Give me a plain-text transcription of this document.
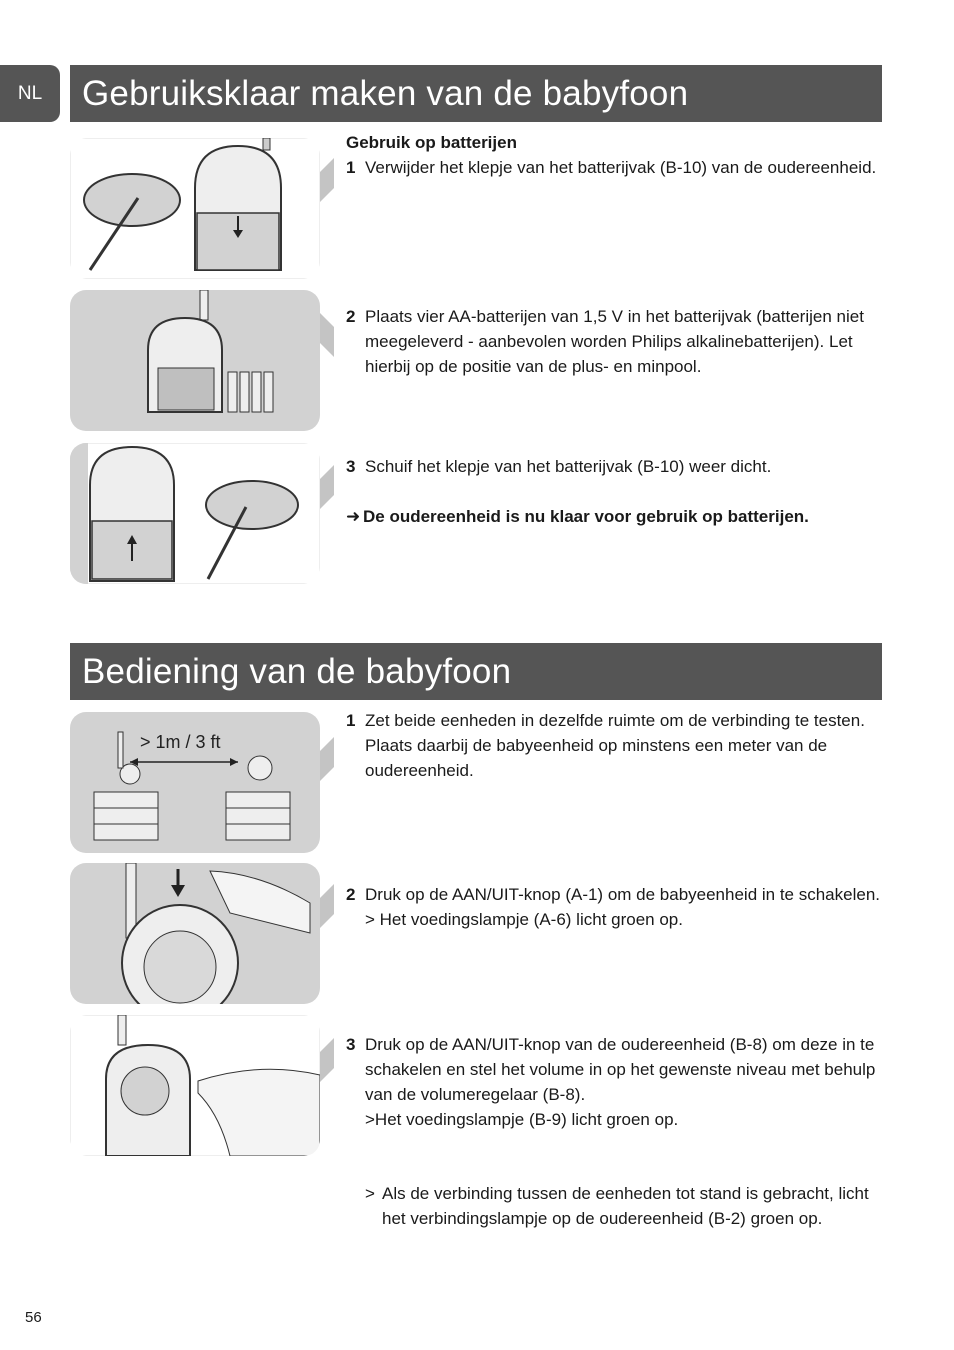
NL	Gebruiksklaar maken van de babyfoon
Gebruik op batterijen
1 Verwijder het klepje van het batterijvak (B-10) van de oudereenheid.
2 Plaats vier AA-batterijen van 1,5 V in het batterijvak (batterijen niet meegeleverd - aanbevolen worden Philips alkalinebatterijen). Let hierbij op de positie van de plus- en minpool.
3 Schuif het klepje van het batterijvak (B-10) weer dicht.
➜ De oudereenheid is nu klaar voor gebruik op batterijen.
Bediening van de babyfoon
> 1m / 3 ft
1 Zet beide eenheden in dezelfde ruimte om de verbinding te testen. Plaats daarbij de babyeenheid op minstens een meter van de oudereenheid.
2 Druk op de AAN/UIT-knop (A-1) om de babyeenheid in te schakelen.
> Het voedingslampje (A-6) licht groen op.
3 Druk op de AAN/UIT-knop van de oudereenheid (B-8) om deze in te schakelen en stel het volume in op het gewenste niveau met behulp van de volumeregelaar (B-8).
>Het voedingslampje (B-9) licht groen op.
> Als de verbinding tussen de eenheden tot stand is gebracht, licht het verbindingslampje op de oudereenheid (B-2) groen op.
56
